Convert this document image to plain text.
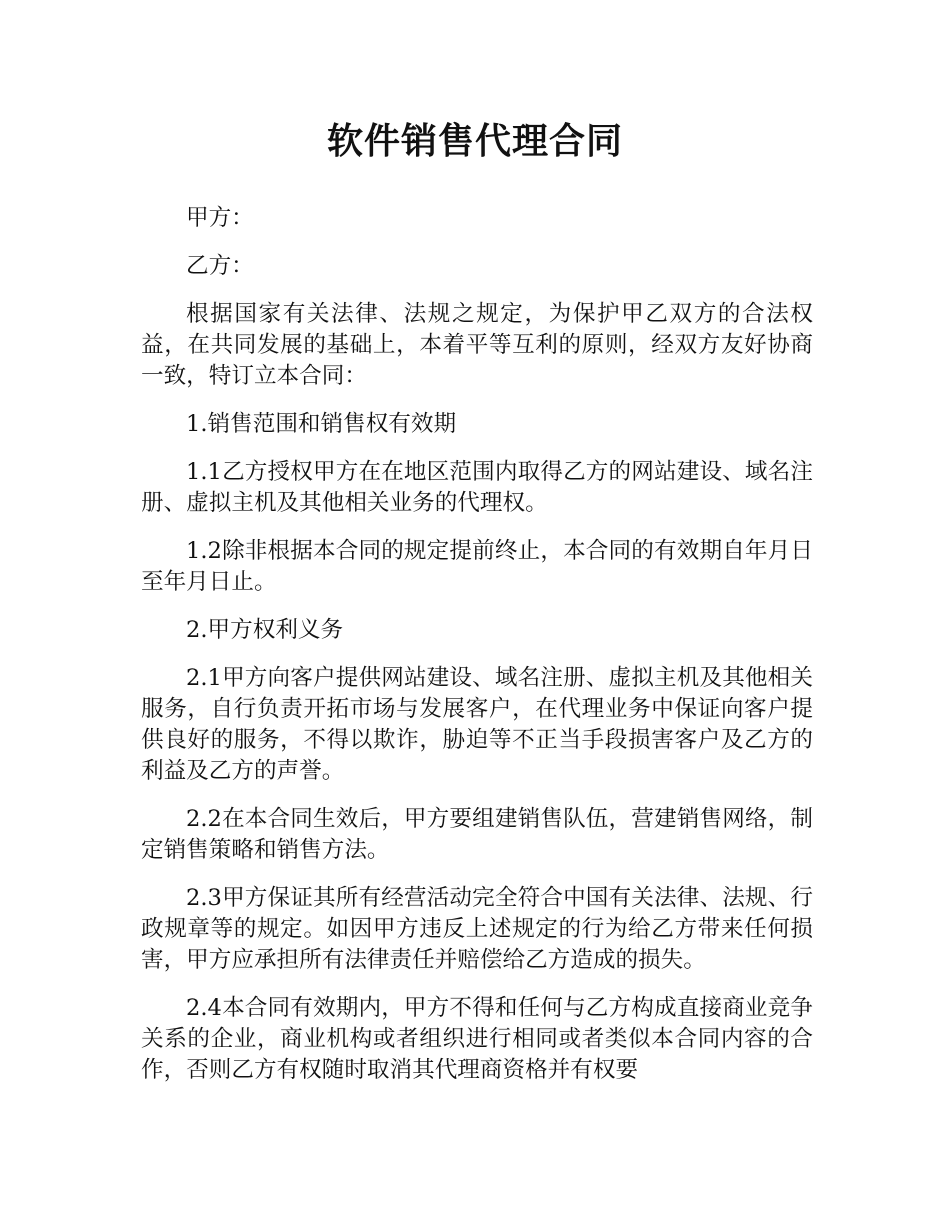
软件销售代理合同

甲方：

乙方：

根据国家有关法律、法规之规定，为保护甲乙双方的合法权益，在共同发展的基础上，本着平等互利的原则，经双方友好协商一致，特订立本合同：

1.销售范围和销售权有效期

1.1乙方授权甲方在在地区范围内取得乙方的网站建设、域名注册、虚拟主机及其他相关业务的代理权。

1.2除非根据本合同的规定提前终止，本合同的有效期自年月日至年月日止。

2.甲方权利义务

2.1甲方向客户提供网站建设、域名注册、虚拟主机及其他相关服务，自行负责开拓市场与发展客户，在代理业务中保证向客户提供良好的服务，不得以欺诈，胁迫等不正当手段损害客户及乙方的利益及乙方的声誉。

2.2在本合同生效后，甲方要组建销售队伍，营建销售网络，制定销售策略和销售方法。

2.3甲方保证其所有经营活动完全符合中国有关法律、法规、行政规章等的规定。如因甲方违反上述规定的行为给乙方带来任何损害，甲方应承担所有法律责任并赔偿给乙方造成的损失。

2.4本合同有效期内，甲方不得和任何与乙方构成直接商业竞争关系的企业，商业机构或者组织进行相同或者类似本合同内容的合作，否则乙方有权随时取消其代理商资格并有权要
